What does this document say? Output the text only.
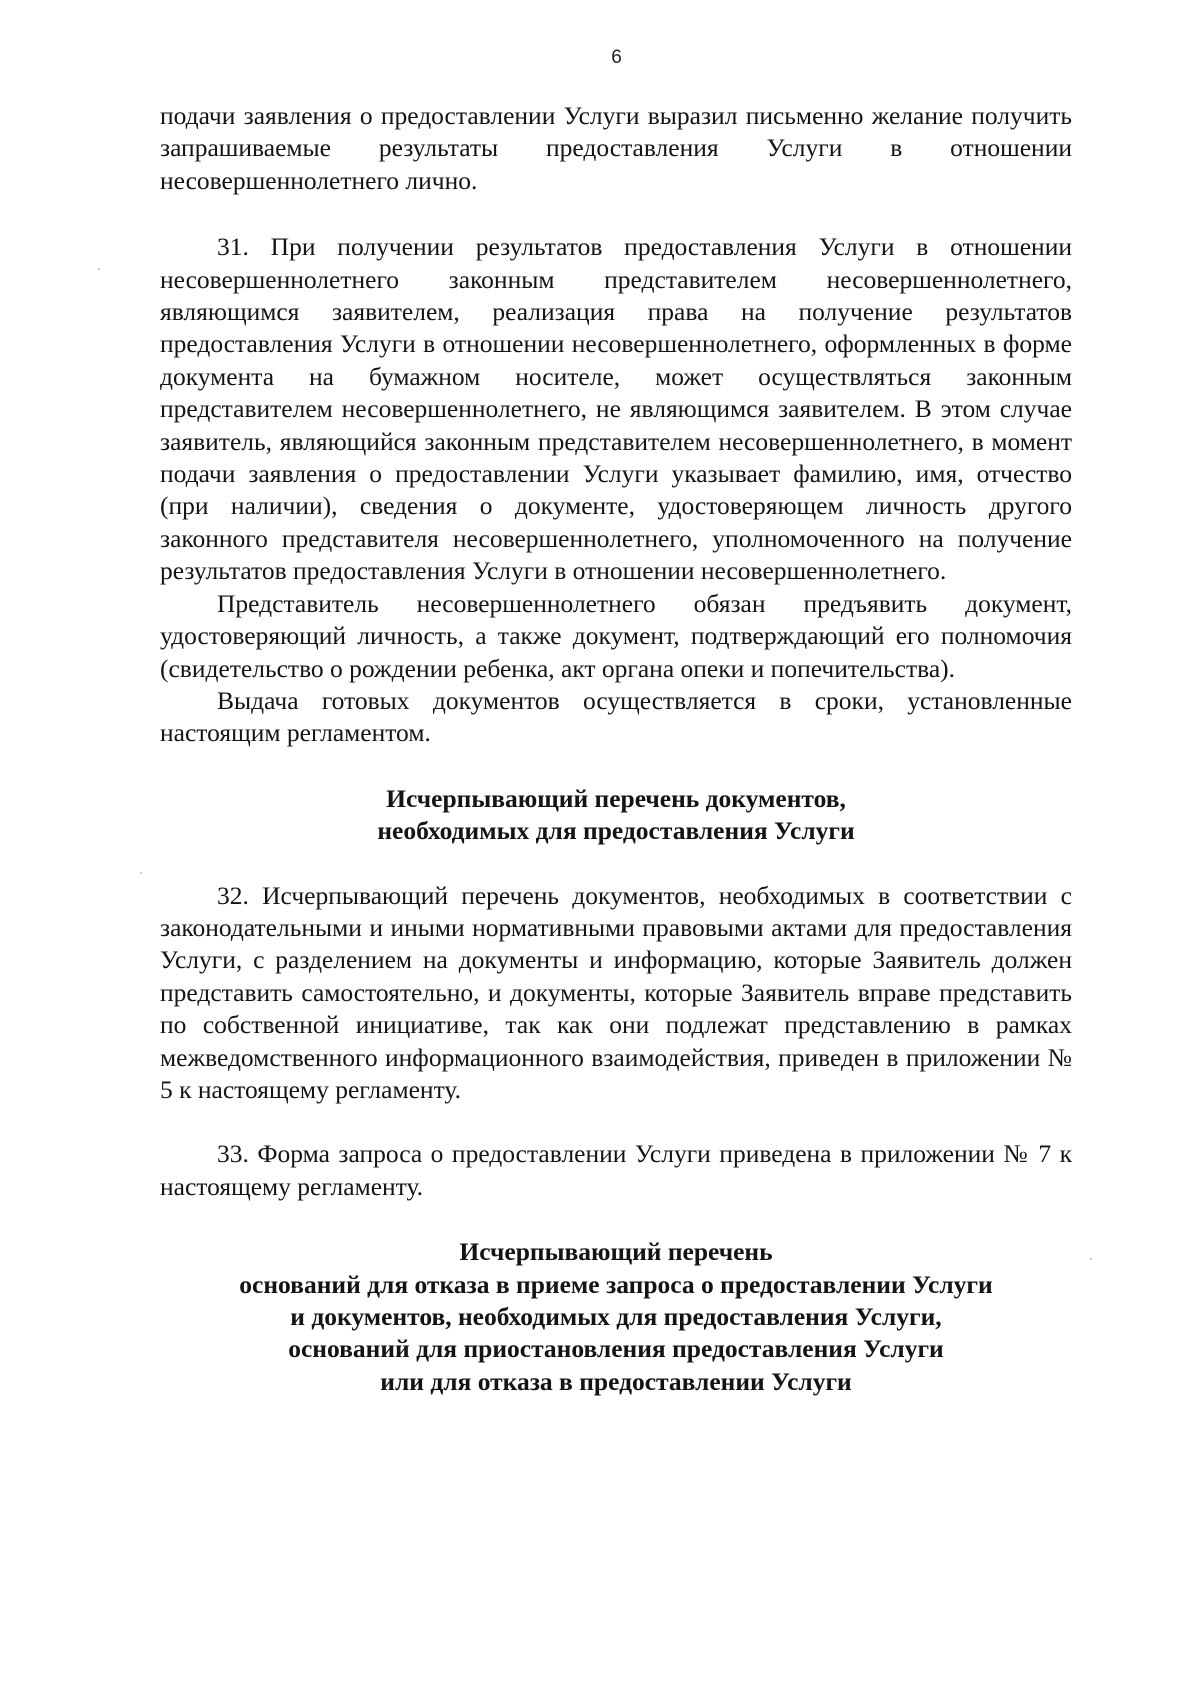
6

подачи заявления о предоставлении Услуги выразил письменно желание получить запрашиваемые результаты предоставления Услуги в отношении несовершеннолетнего лично.

31. При получении результатов предоставления Услуги в отношении несовершеннолетнего законным представителем несовершеннолетнего, являющимся заявителем, реализация права на получение результатов предоставления Услуги в отношении несовершеннолетнего, оформленных в форме документа на бумажном носителе, может осуществляться законным представителем несовершеннолетнего, не являющимся заявителем. В этом случае заявитель, являющийся законным представителем несовершеннолетнего, в момент подачи заявления о предоставлении Услуги указывает фамилию, имя, отчество (при наличии), сведения о документе, удостоверяющем личность другого законного представителя несовершеннолетнего, уполномоченного на получение результатов предоставления Услуги в отношении несовершеннолетнего.

Представитель несовершеннолетнего обязан предъявить документ, удостоверяющий личность, а также документ, подтверждающий его полномочия (свидетельство о рождении ребенка, акт органа опеки и попечительства).

Выдача готовых документов осуществляется в сроки, установленные настоящим регламентом.

Исчерпывающий перечень документов,
необходимых для предоставления Услуги

32. Исчерпывающий перечень документов, необходимых в соответствии с законодательными и иными нормативными правовыми актами для предоставления Услуги, с разделением на документы и информацию, которые Заявитель должен представить самостоятельно, и документы, которые Заявитель вправе представить по собственной инициативе, так как они подлежат представлению в рамках межведомственного информационного взаимодействия, приведен в приложении № 5 к настоящему регламенту.

33. Форма запроса о предоставлении Услуги приведена в приложении № 7 к настоящему регламенту.

Исчерпывающий перечень
оснований для отказа в приеме запроса о предоставлении Услуги
и документов, необходимых для предоставления Услуги,
оснований для приостановления предоставления Услуги
или для отказа в предоставлении Услуги
